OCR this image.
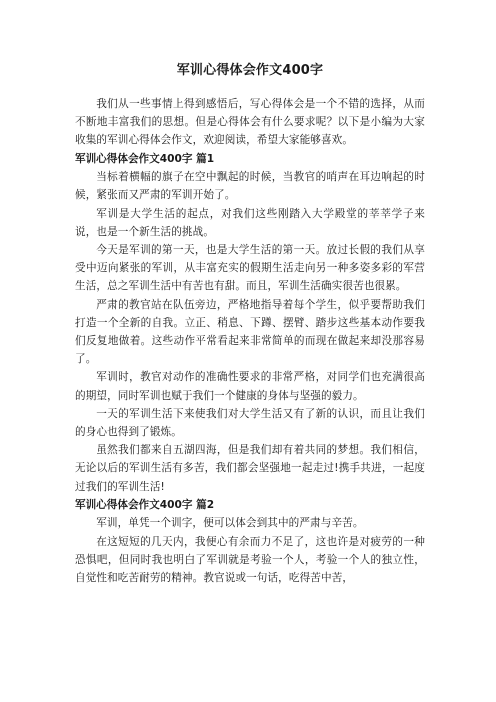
军训心得体会作文400字

我们从一些事情上得到感悟后，写心得体会是一个不错的选择，从而不断地丰富我们的思想。但是心得体会有什么要求呢？以下是小编为大家收集的军训心得体会作文，欢迎阅读，希望大家能够喜欢。

军训心得体会作文400字 篇1

当标着横幅的旗子在空中飘起的时候，当教官的哨声在耳边响起的时候，紧张而又严肃的军训开始了。

军训是大学生活的起点，对我们这些刚踏入大学殿堂的莘莘学子来说，也是一个新生活的挑战。

今天是军训的第一天，也是大学生活的第一天。放过长假的我们从享受中迈向紧张的军训，从丰富充实的假期生活走向另一种多姿多彩的军营生活，总之军训生活中有苦也有甜。而且，军训生活确实很苦也很累。

严肃的教官站在队伍旁边，严格地指导着每个学生，似乎要帮助我们打造一个全新的自我。立正、稍息、下蹲、摆臂、踏步这些基本动作要我们反复地做着。这些动作平常看起来非常简单的而现在做起来却没那容易了。

军训时，教官对动作的准确性要求的非常严格，对同学们也充满很高的期望，同时军训也赋于我们一个健康的身体与坚强的毅力。

一天的军训生活下来使我们对大学生活又有了新的认识，而且让我们的身心也得到了锻炼。

虽然我们都来自五湖四海，但是我们却有着共同的梦想。我们相信，无论以后的军训生活有多苦，我们都会坚强地一起走过!携手共进，一起度过我们的军训生活!

军训心得体会作文400字 篇2

军训，单凭一个训字，便可以体会到其中的严肃与辛苦。

在这短短的几天内，我便心有余而力不足了，这也许是对疲劳的一种恐惧吧，但同时我也明白了军训就是考验一个人，考验一个人的独立性，自觉性和吃苦耐劳的精神。教官说或一句话，吃得苦中苦，
